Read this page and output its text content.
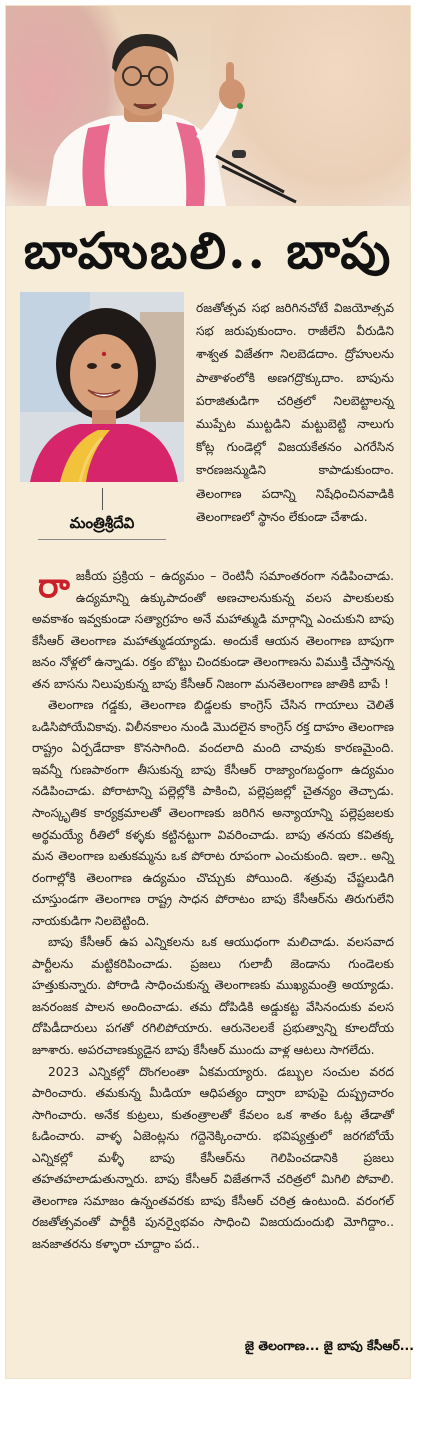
బాహుబలి.. బాపు
మంత్రిశ్రీదేవి

రజతోత్సవ సభ జరిగినచోటే విజయోత్సవ సభ జరుపుకుందాం. రాజీలేని వీరుడిని శాశ్వత విజేతగా నిలబెడదాం. ద్రోహులను పాతాళంలోకి అణగద్రొక్కుదాం. బాపును పరాజితుడిగా చరిత్రలో నిలబెట్టాలన్న ముప్పేట ముట్టడిని మట్టుబెట్టి నాలుగు కోట్ల గుండెల్లో విజయకేతనం ఎగరేసిన కారణజన్ముడిని కాపాడుకుందాం. తెలంగాణ పదాన్ని నిషేధించినవాడికి తెలంగాణలో స్థానం లేకుండా చేశాడు.

రాజకీయ ప్రక్రియ – ఉద్యమం – రెంటినీ సమాంతరంగా నడిపించాడు. ఉద్యమాన్ని ఉక్కుపాదంతో అణచాలనుకున్న వలస పాలకులకు అవకాశం ఇవ్వకుండా సత్యాగ్రహం అనే మహాత్ముడి మార్గాన్ని ఎంచుకుని బాపు కేసీఆర్ తెలంగాణ మహాత్ముడయ్యాడు. అందుకే ఆయన తెలంగాణ బాపుగా జనం నోళ్లలో ఉన్నాడు. రక్తం బొట్టు చిందకుండా తెలంగాణను విముక్తి చేస్తానన్న తన బాసను నిలుపుకున్న బాపు కేసీఆర్ నిజంగా మనతెలంగాణ జాతికి బాపే !

తెలంగాణ గడ్డకు, తెలంగాణ బిడ్డలకు కాంగ్రెస్ చేసిన గాయాలు చెలితే ఒడిసిపోయేవికావు. విలీనకాలం నుండి మొదలైన కాంగ్రెస్ రక్త దాహం తెలంగాణ రాష్ట్రం ఏర్పడేదాకా కొనసాగింది. వందలాది మంది చావుకు కారణమైంది. ఇవన్నీ గుణపాఠంగా తీసుకున్న బాపు కేసీఆర్ రాజ్యాంగబద్ధంగా ఉద్యమం నడిపించాడు. పోరాటాన్ని పల్లెల్లోకి పాకించి, పల్లెప్రజల్లో చైతన్యం తెచ్చాడు. సాంస్కృతిక కార్యక్రమాలతో తెలంగాణకు జరిగిన అన్యాయాన్ని పల్లెప్రజలకు అర్థమయ్యే రీతిలో కళ్ళకు కట్టినట్టుగా వివరించాడు. బాపు తనయ కవితక్క మన తెలంగాణ బతుకమ్మను ఒక పోరాట రూపంగా ఎంచుకుంది. ఇలా.. అన్ని రంగాల్లోకి తెలంగాణ ఉద్యమం చొచ్చుకు పోయింది. శత్రువు చేష్టలుడిగి చూస్తుండగా తెలంగాణ రాష్ట్ర సాధన పోరాటం బాపు కేసీఆర్‌ను తిరుగులేని నాయకుడిగా నిలబెట్టింది.

బాపు కేసీఆర్ ఉప ఎన్నికలను ఒక ఆయుధంగా మలిచాడు. వలసవాద పార్టీలను మట్టికరిపించాడు. ప్రజలు గులాబీ జెండాను గుండెలకు హత్తుకున్నారు. పోరాడి సాధించుకున్న తెలంగాణకు ముఖ్యమంత్రి అయ్యాడు. జనరంజక పాలన అందించాడు. తమ దోపిడికి అడ్డుకట్ట వేసినందుకు వలస దోపిడీదారులు పగతో రగిలిపోయారు. ఆరునెలలకే ప్రభుత్వాన్ని కూలదోయ జూశారు. అపరచాణక్యుడైన బాపు కేసీఆర్ ముందు వాళ్ల ఆటలు సాగలేదు.

2023 ఎన్నికల్లో దొంగలంతా ఏకమయ్యారు. డబ్బుల సంచుల వరద పారించారు. తమకున్న మీడియా ఆధిపత్యం ద్వారా బాపుపై దుష్ప్రచారం సాగించారు. అనేక కుట్రలు, కుతంత్రాలతో కేవలం ఒక శాతం ఓట్ల తేడాతో ఓడించారు. వాళ్ళ ఏజెంట్లను గద్దెనెక్కించారు. భవిష్యత్తులో జరగబోయే ఎన్నికల్లో మళ్ళీ బాపు కేసీఆర్‌ను గెలిపించడానికి ప్రజలు తహతహలాడుతున్నారు. బాపు కేసీఆర్ విజేతగానే చరిత్రలో మిగిలి పోవాలి. తెలంగాణ సమాజం ఉన్నంతవరకు బాపు కేసీఆర్ చరిత్ర ఉంటుంది. వరంగల్ రజతోత్సవంతో పార్టీకి పునర్వైభవం సాధించి విజయదుందుభి మోగిద్దాం.. జనజాతరను కళ్ళారా చూద్దాం పద..

జై తెలంగాణ... జై బాపు కేసీఆర్...
